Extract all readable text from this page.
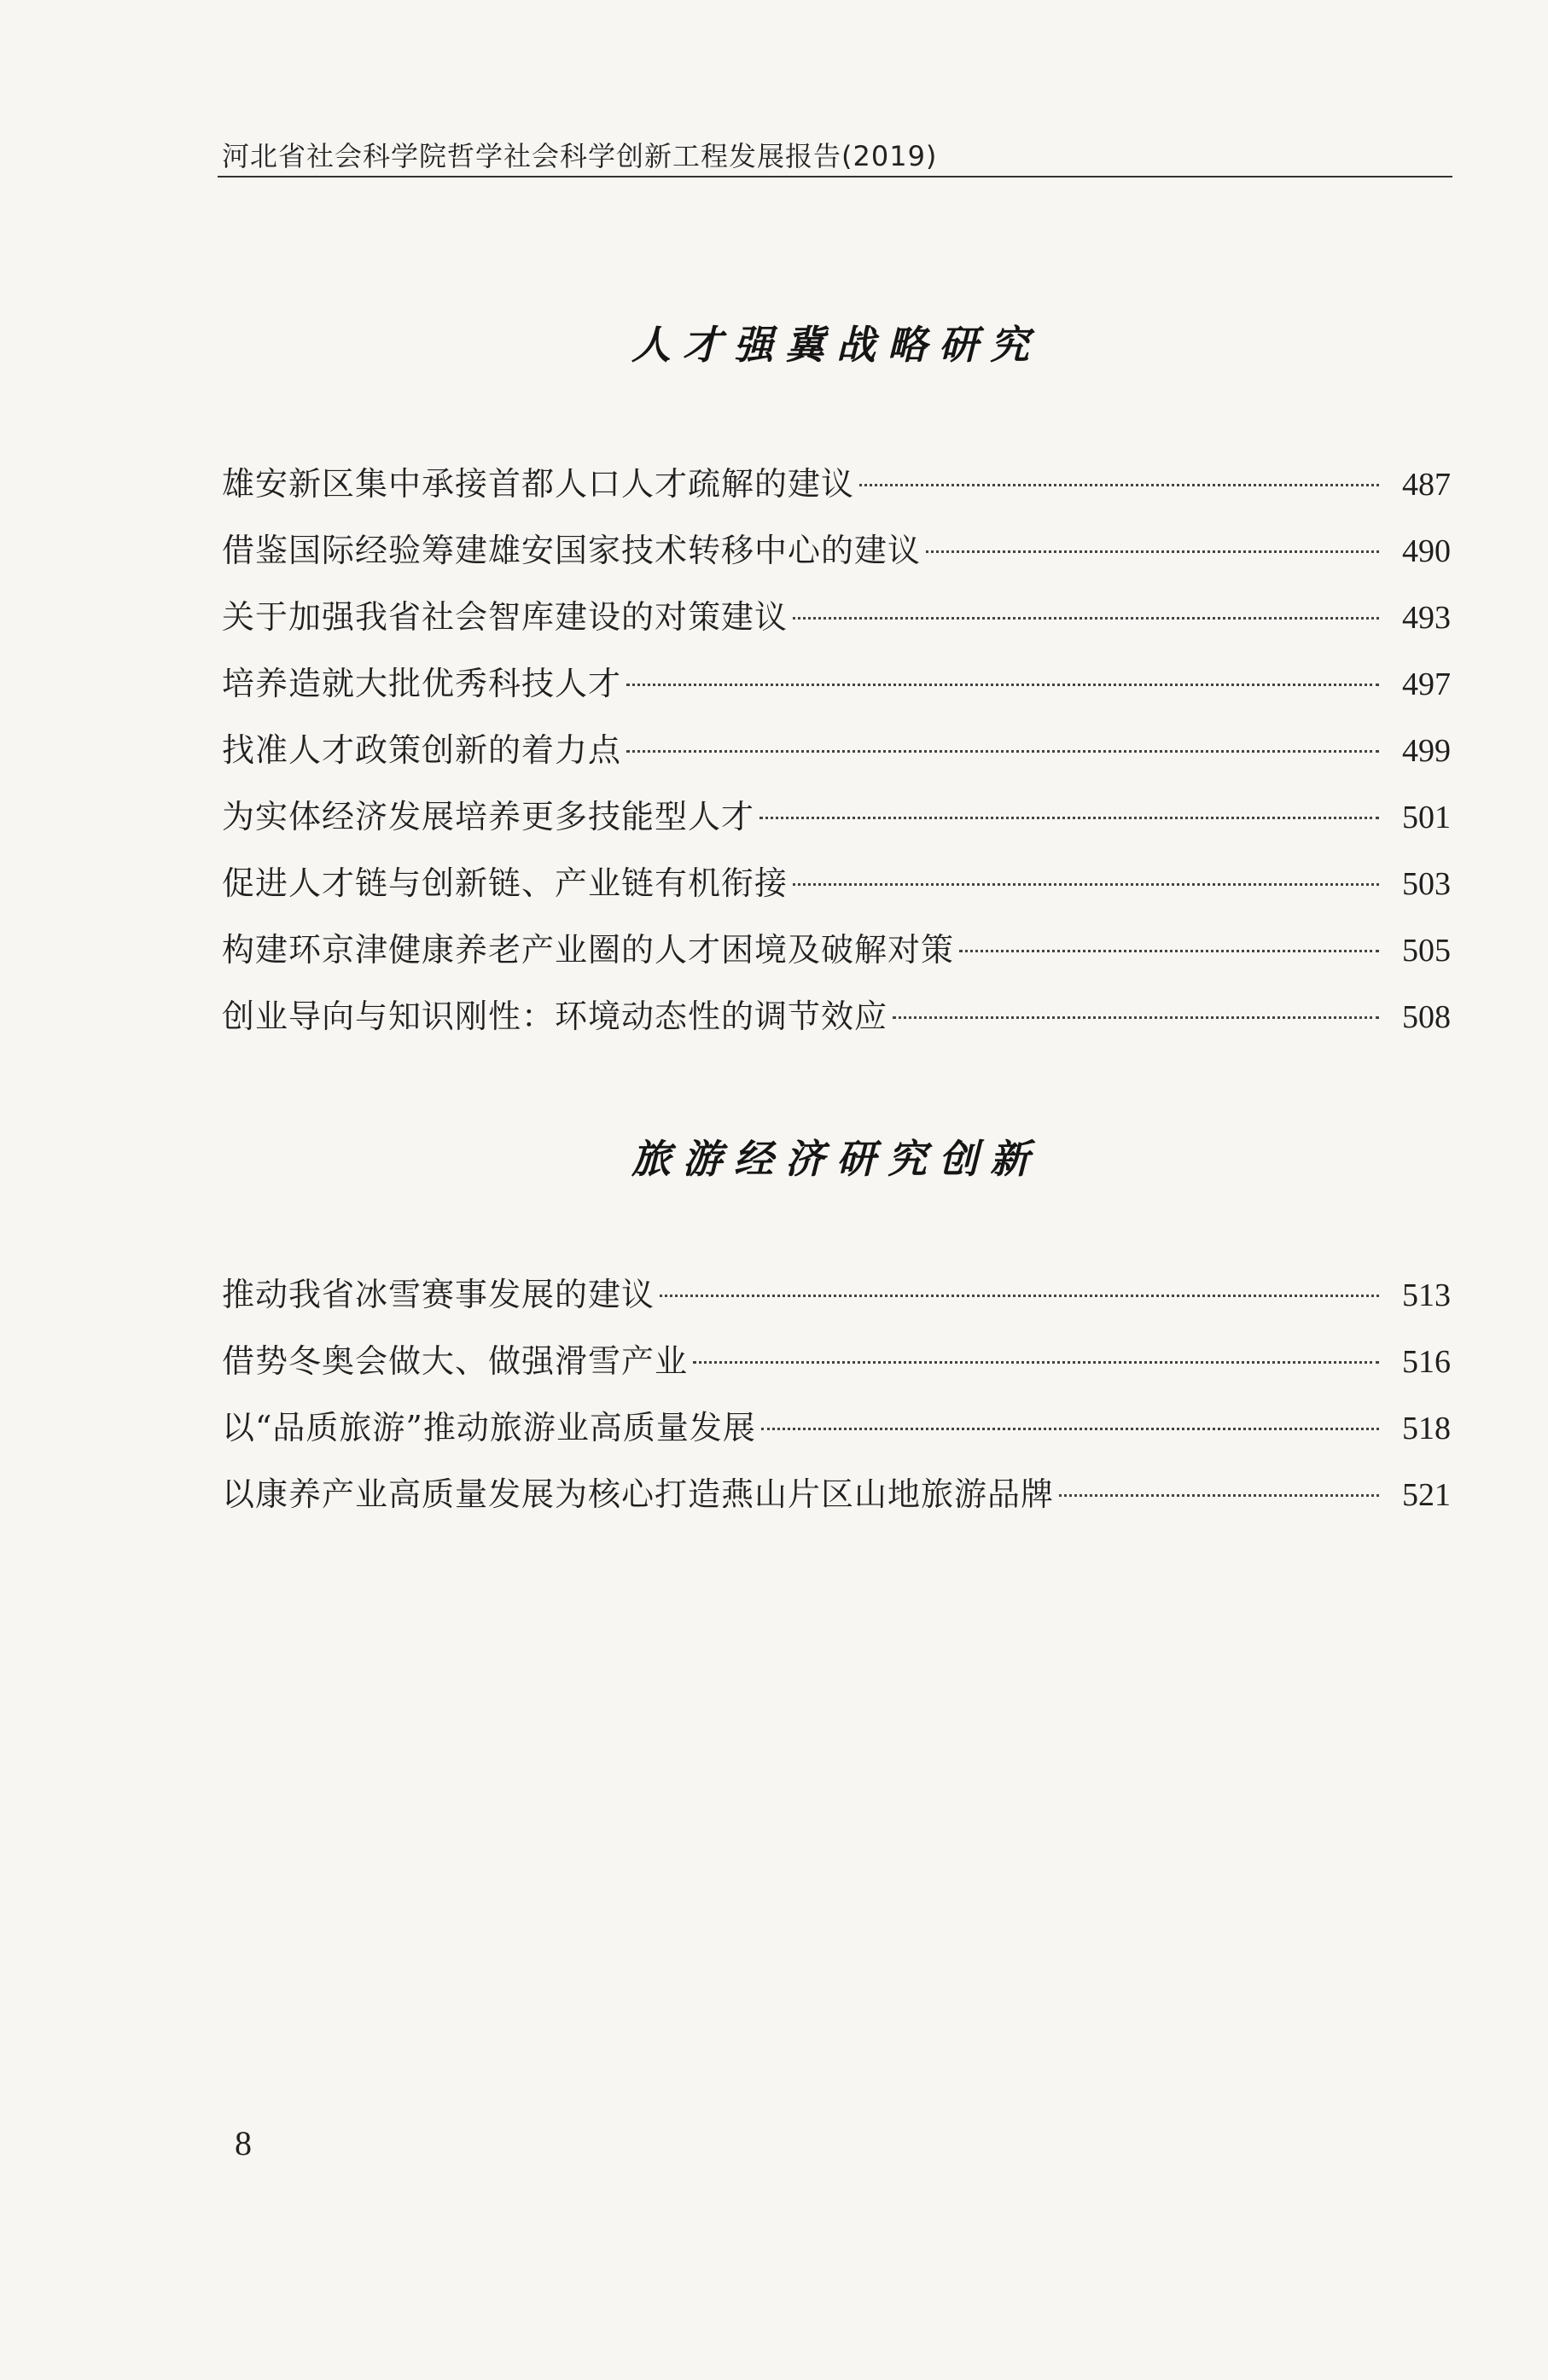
河北省社会科学院哲学社会科学创新工程发展报告(2019)
人才强冀战略研究
雄安新区集中承接首都人口人才疏解的建议	487
借鉴国际经验筹建雄安国家技术转移中心的建议	490
关于加强我省社会智库建设的对策建议	493
培养造就大批优秀科技人才	497
找准人才政策创新的着力点	499
为实体经济发展培养更多技能型人才	501
促进人才链与创新链、产业链有机衔接	503
构建环京津健康养老产业圈的人才困境及破解对策	505
创业导向与知识刚性：环境动态性的调节效应	508
旅游经济研究创新
推动我省冰雪赛事发展的建议	513
借势冬奥会做大、做强滑雪产业	516
以“品质旅游”推动旅游业高质量发展	518
以康养产业高质量发展为核心打造燕山片区山地旅游品牌	521
8
